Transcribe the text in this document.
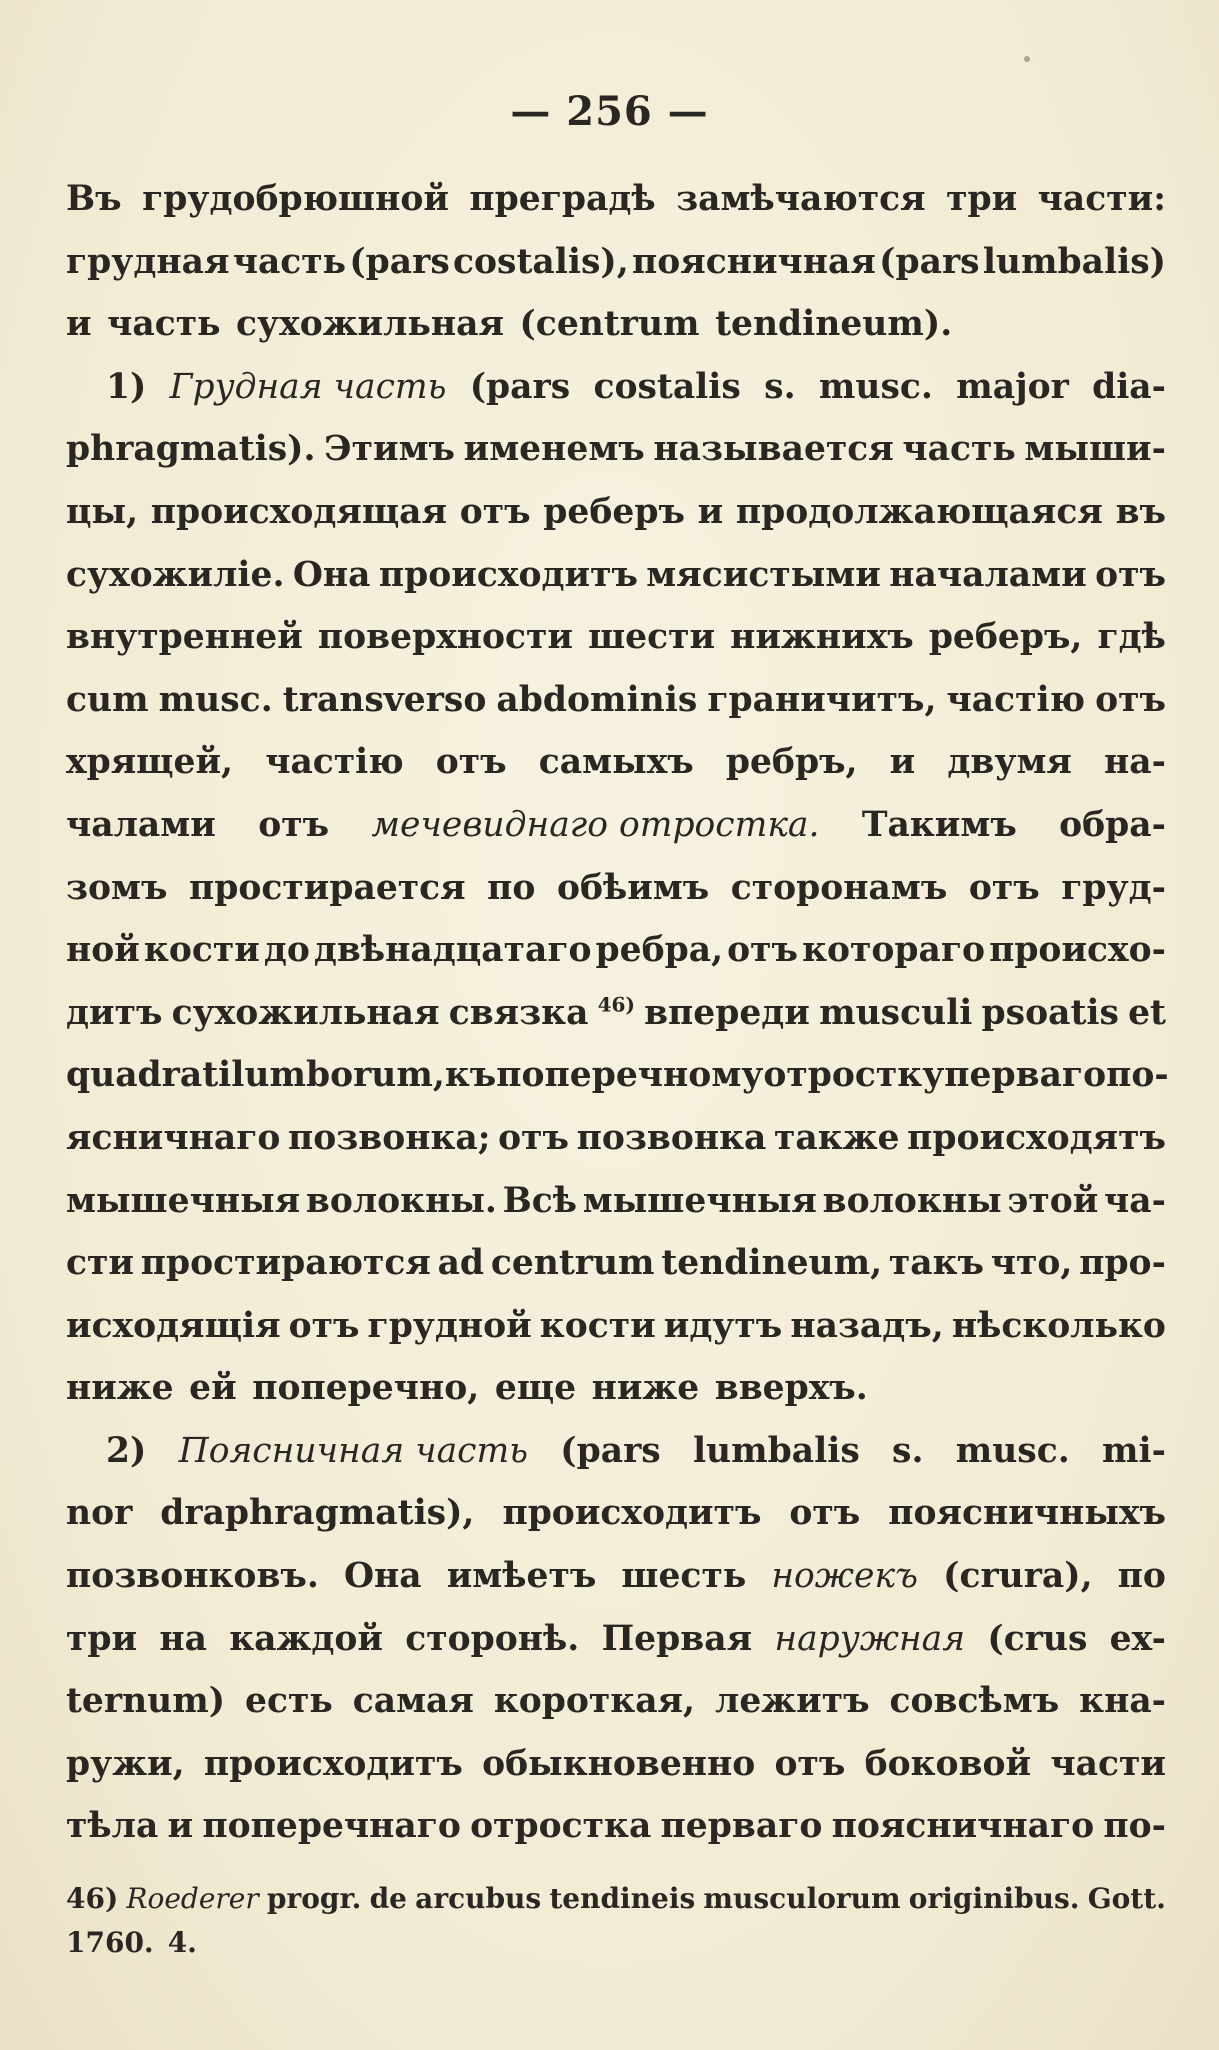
— 256 —
Въ грудобрюшной преградѣ замѣчаются три части:
грудная часть (pars costalis), поясничная (pars lumbalis)
и часть сухожильная (centrum tendineum).
1) Грудная часть (pars costalis s. musc. major dia-
phragmatis). Этимъ именемъ называется часть мыши-
цы, происходящая отъ реберъ и продолжающаяся въ
сухожиліе. Она происходитъ мясистыми началами отъ
внутренней поверхности шести нижнихъ реберъ, гдѣ
cum musc. transverso abdominis граничитъ, частію отъ
хрящей, частію отъ самыхъ ребръ, и двумя на-
чалами отъ мечевиднаго отростка. Такимъ обра-
зомъ простирается по обѣимъ сторонамъ отъ груд-
ной кости до двѣнадцатаго ребра, отъ котораго происхо-
дитъ сухожильная связка $^{46)}$ впереди musculi psoatis et
quadrati lumborum, къ поперечному отростку перваго по-
ясничнаго позвонка; отъ позвонка также происходятъ
мышечныя волокны. Всѣ мышечныя волокны этой ча-
сти простираются ad centrum tendineum, такъ что, про-
исходящія отъ грудной кости идутъ назадъ, нѣсколько
ниже ей поперечно, еще ниже вверхъ.
2) Поясничная часть (pars lumbalis s. musc. mi-
nor draphragmatis), происходитъ отъ поясничныхъ
позвонковъ. Она имѣетъ шесть ножекъ (crura), по
три на каждой сторонѣ. Первая наружная (crus ex-
ternum) есть самая короткая, лежитъ совсѣмъ кна-
ружи, происходитъ обыкновенно отъ боковой части
тѣла и поперечнаго отростка перваго поясничнаго по-
46) Roederer progr. de arcubus tendineis musculorum originibus. Gott.
1760. 4.
